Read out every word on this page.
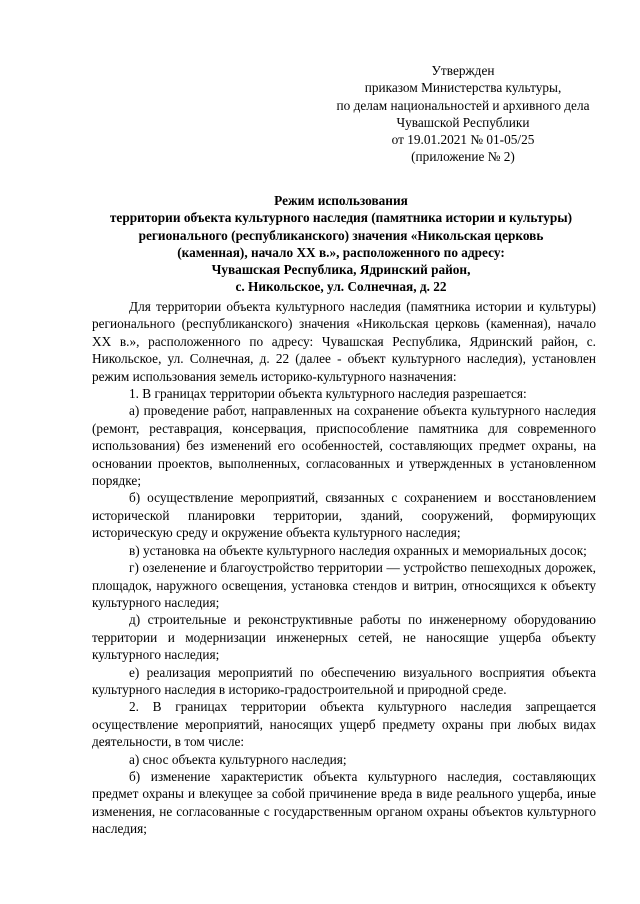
Утвержден
приказом Министерства культуры,
по делам национальностей и архивного дела
Чувашской Республики
от 19.01.2021 № 01-05/25
(приложение № 2)
Режим использования
территории объекта культурного наследия (памятника истории и культуры)
регионального (республиканского) значения «Никольская церковь
(каменная), начало XX в.», расположенного по адресу:
Чувашская Республика, Ядринский район,
с. Никольское, ул. Солнечная, д. 22

Для территории объекта культурного наследия (памятника истории и культуры) регионального (республиканского) значения «Никольская церковь (каменная), начало XX в.», расположенного по адресу: Чувашская Республика, Ядринский район, с. Никольское, ул. Солнечная, д. 22 (далее - объект культурного наследия), установлен режим использования земель историко-культурного назначения:

1. В границах территории объекта культурного наследия разрешается:

а) проведение работ, направленных на сохранение объекта культурного наследия (ремонт, реставрация, консервация, приспособление памятника для современного использования) без изменений его особенностей, составляющих предмет охраны, на основании проектов, выполненных, согласованных и утвержденных в установленном порядке;

б) осуществление мероприятий, связанных с сохранением и восстановлением исторической планировки территории, зданий, сооружений, формирующих историческую среду и окружение объекта культурного наследия;

в) установка на объекте культурного наследия охранных и мемориальных досок;

г) озеленение и благоустройство территории — устройство пешеходных дорожек, площадок, наружного освещения, установка стендов и витрин, относящихся к объекту культурного наследия;

д) строительные и реконструктивные работы по инженерному оборудованию территории и модернизации инженерных сетей, не наносящие ущерба объекту культурного наследия;

е) реализация мероприятий по обеспечению визуального восприятия объекта культурного наследия в историко-градостроительной и природной среде.

2. В границах территории объекта культурного наследия запрещается осуществление мероприятий, наносящих ущерб предмету охраны при любых видах деятельности, в том числе:

а) снос объекта культурного наследия;

б) изменение характеристик объекта культурного наследия, составляющих предмет охраны и влекущее за собой причинение вреда в виде реального ущерба, иные изменения, не согласованные с государственным органом охраны объектов культурного наследия;
